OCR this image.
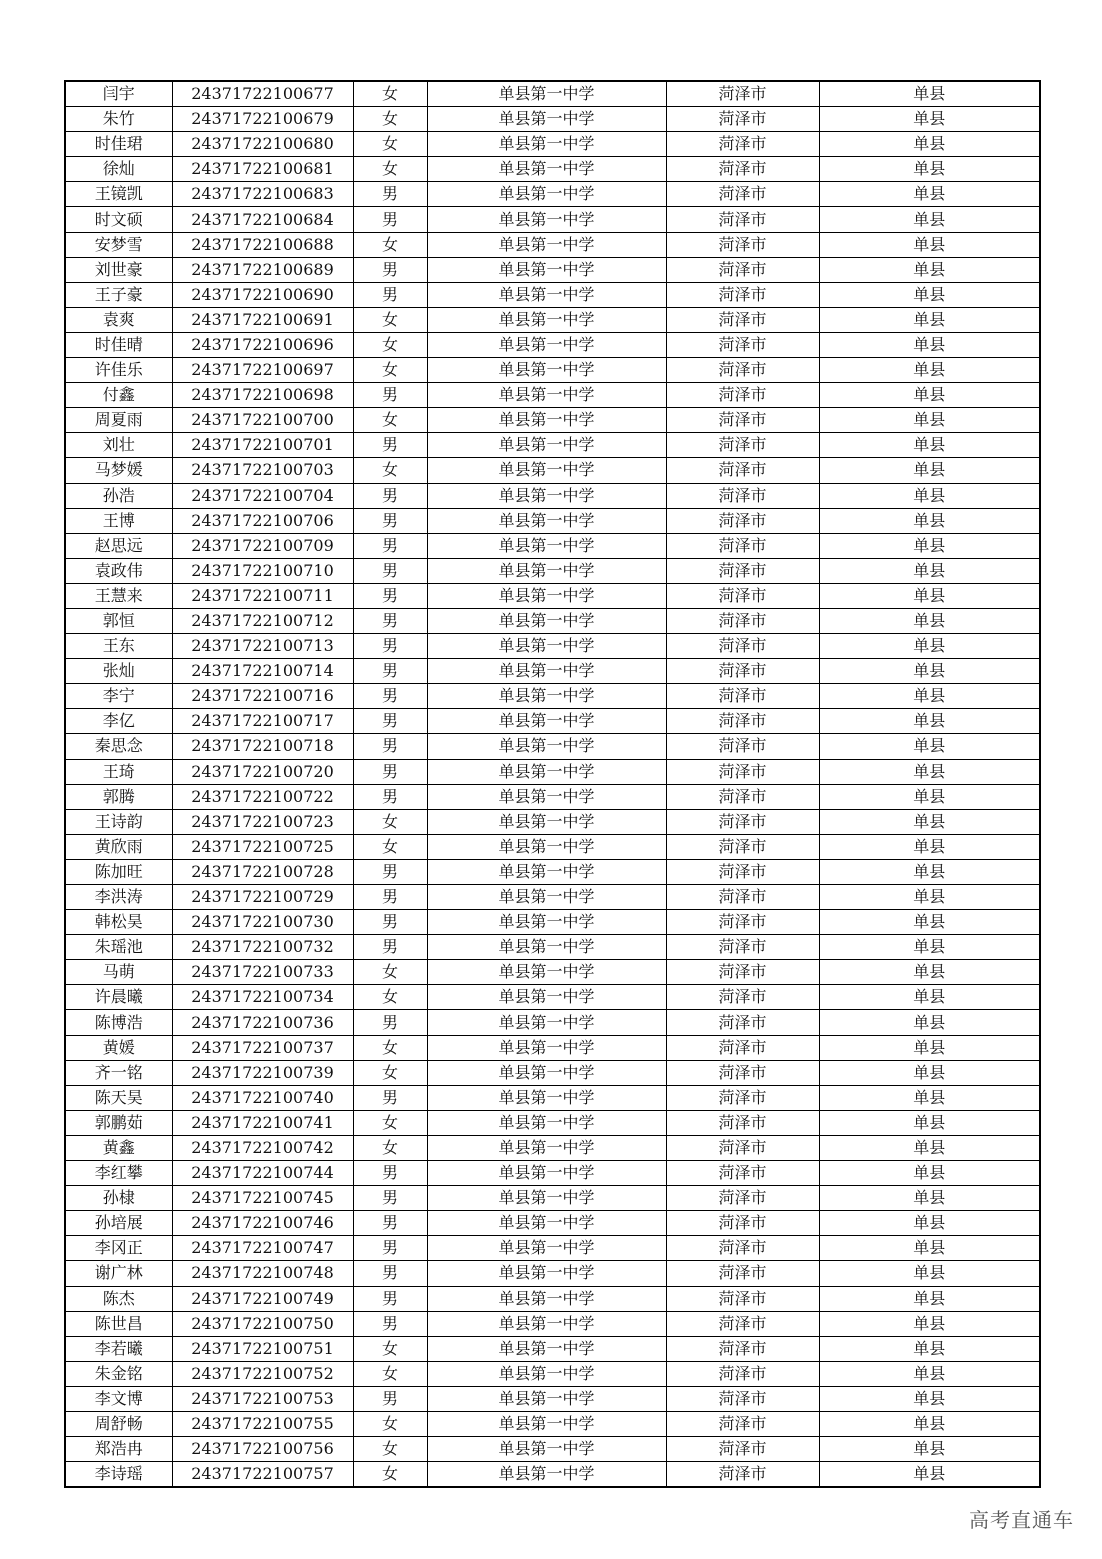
闫宇	24371722100677	女	单县第一中学	菏泽市	单县
朱竹	24371722100679	女	单县第一中学	菏泽市	单县
时佳珺	24371722100680	女	单县第一中学	菏泽市	单县
徐灿	24371722100681	女	单县第一中学	菏泽市	单县
王镜凯	24371722100683	男	单县第一中学	菏泽市	单县
时文硕	24371722100684	男	单县第一中学	菏泽市	单县
安梦雪	24371722100688	女	单县第一中学	菏泽市	单县
刘世豪	24371722100689	男	单县第一中学	菏泽市	单县
王子豪	24371722100690	男	单县第一中学	菏泽市	单县
袁爽	24371722100691	女	单县第一中学	菏泽市	单县
时佳晴	24371722100696	女	单县第一中学	菏泽市	单县
许佳乐	24371722100697	女	单县第一中学	菏泽市	单县
付鑫	24371722100698	男	单县第一中学	菏泽市	单县
周夏雨	24371722100700	女	单县第一中学	菏泽市	单县
刘壮	24371722100701	男	单县第一中学	菏泽市	单县
马梦媛	24371722100703	女	单县第一中学	菏泽市	单县
孙浩	24371722100704	男	单县第一中学	菏泽市	单县
王博	24371722100706	男	单县第一中学	菏泽市	单县
赵思远	24371722100709	男	单县第一中学	菏泽市	单县
袁政伟	24371722100710	男	单县第一中学	菏泽市	单县
王慧来	24371722100711	男	单县第一中学	菏泽市	单县
郭恒	24371722100712	男	单县第一中学	菏泽市	单县
王东	24371722100713	男	单县第一中学	菏泽市	单县
张灿	24371722100714	男	单县第一中学	菏泽市	单县
李宁	24371722100716	男	单县第一中学	菏泽市	单县
李亿	24371722100717	男	单县第一中学	菏泽市	单县
秦思念	24371722100718	男	单县第一中学	菏泽市	单县
王琦	24371722100720	男	单县第一中学	菏泽市	单县
郭腾	24371722100722	男	单县第一中学	菏泽市	单县
王诗韵	24371722100723	女	单县第一中学	菏泽市	单县
黄欣雨	24371722100725	女	单县第一中学	菏泽市	单县
陈加旺	24371722100728	男	单县第一中学	菏泽市	单县
李洪涛	24371722100729	男	单县第一中学	菏泽市	单县
韩松昊	24371722100730	男	单县第一中学	菏泽市	单县
朱瑶池	24371722100732	男	单县第一中学	菏泽市	单县
马萌	24371722100733	女	单县第一中学	菏泽市	单县
许晨曦	24371722100734	女	单县第一中学	菏泽市	单县
陈博浩	24371722100736	男	单县第一中学	菏泽市	单县
黄媛	24371722100737	女	单县第一中学	菏泽市	单县
齐一铭	24371722100739	女	单县第一中学	菏泽市	单县
陈天昊	24371722100740	男	单县第一中学	菏泽市	单县
郭鹏茹	24371722100741	女	单县第一中学	菏泽市	单县
黄鑫	24371722100742	女	单县第一中学	菏泽市	单县
李红攀	24371722100744	男	单县第一中学	菏泽市	单县
孙棣	24371722100745	男	单县第一中学	菏泽市	单县
孙培展	24371722100746	男	单县第一中学	菏泽市	单县
李冈正	24371722100747	男	单县第一中学	菏泽市	单县
谢广林	24371722100748	男	单县第一中学	菏泽市	单县
陈杰	24371722100749	男	单县第一中学	菏泽市	单县
陈世昌	24371722100750	男	单县第一中学	菏泽市	单县
李若曦	24371722100751	女	单县第一中学	菏泽市	单县
朱金铭	24371722100752	女	单县第一中学	菏泽市	单县
李文博	24371722100753	男	单县第一中学	菏泽市	单县
周舒畅	24371722100755	女	单县第一中学	菏泽市	单县
郑浩冉	24371722100756	女	单县第一中学	菏泽市	单县
李诗瑶	24371722100757	女	单县第一中学	菏泽市	单县
高考直通车
